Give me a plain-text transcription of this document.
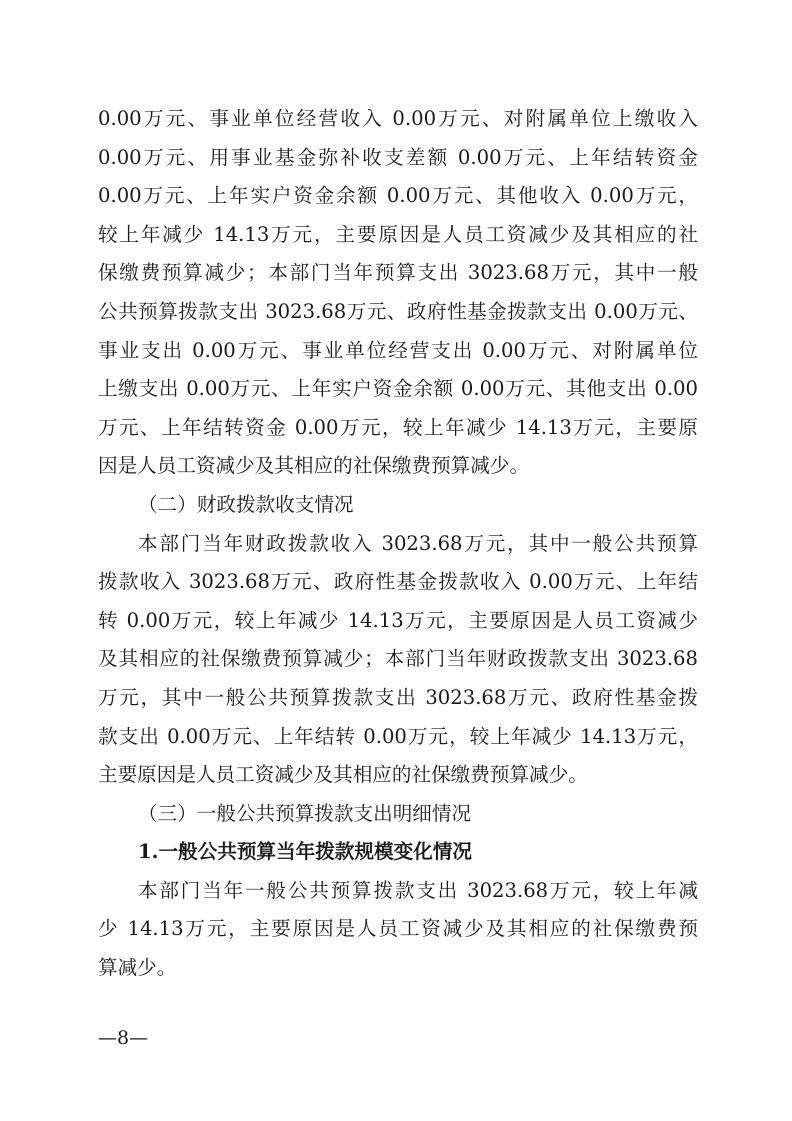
0.00万元、事业单位经营收入 0.00万元、对附属单位上缴收入
0.00万元、用事业基金弥补收支差额 0.00万元、上年结转资金
0.00万元、上年实户资金余额 0.00万元、其他收入 0.00万元，
较上年减少 14.13万元，主要原因是人员工资减少及其相应的社
保缴费预算减少；本部门当年预算支出 3023.68万元，其中一般
公共预算拨款支出 3023.68万元、政府性基金拨款支出 0.00万元、
事业支出 0.00万元、事业单位经营支出 0.00万元、对附属单位
上缴支出 0.00万元、上年实户资金余额 0.00万元、其他支出 0.00
万元、上年结转资金 0.00万元，较上年减少 14.13万元，主要原
因是人员工资减少及其相应的社保缴费预算减少。
（二）财政拨款收支情况
本部门当年财政拨款收入 3023.68万元，其中一般公共预算
拨款收入 3023.68万元、政府性基金拨款收入 0.00万元、上年结
转 0.00万元，较上年减少 14.13万元，主要原因是人员工资减少
及其相应的社保缴费预算减少；本部门当年财政拨款支出 3023.68
万元，其中一般公共预算拨款支出 3023.68万元、政府性基金拨
款支出 0.00万元、上年结转 0.00万元，较上年减少 14.13万元，
主要原因是人员工资减少及其相应的社保缴费预算减少。
（三）一般公共预算拨款支出明细情况
1.一般公共预算当年拨款规模变化情况
本部门当年一般公共预算拨款支出 3023.68万元，较上年减
少 14.13万元，主要原因是人员工资减少及其相应的社保缴费预
算减少。
—8—
